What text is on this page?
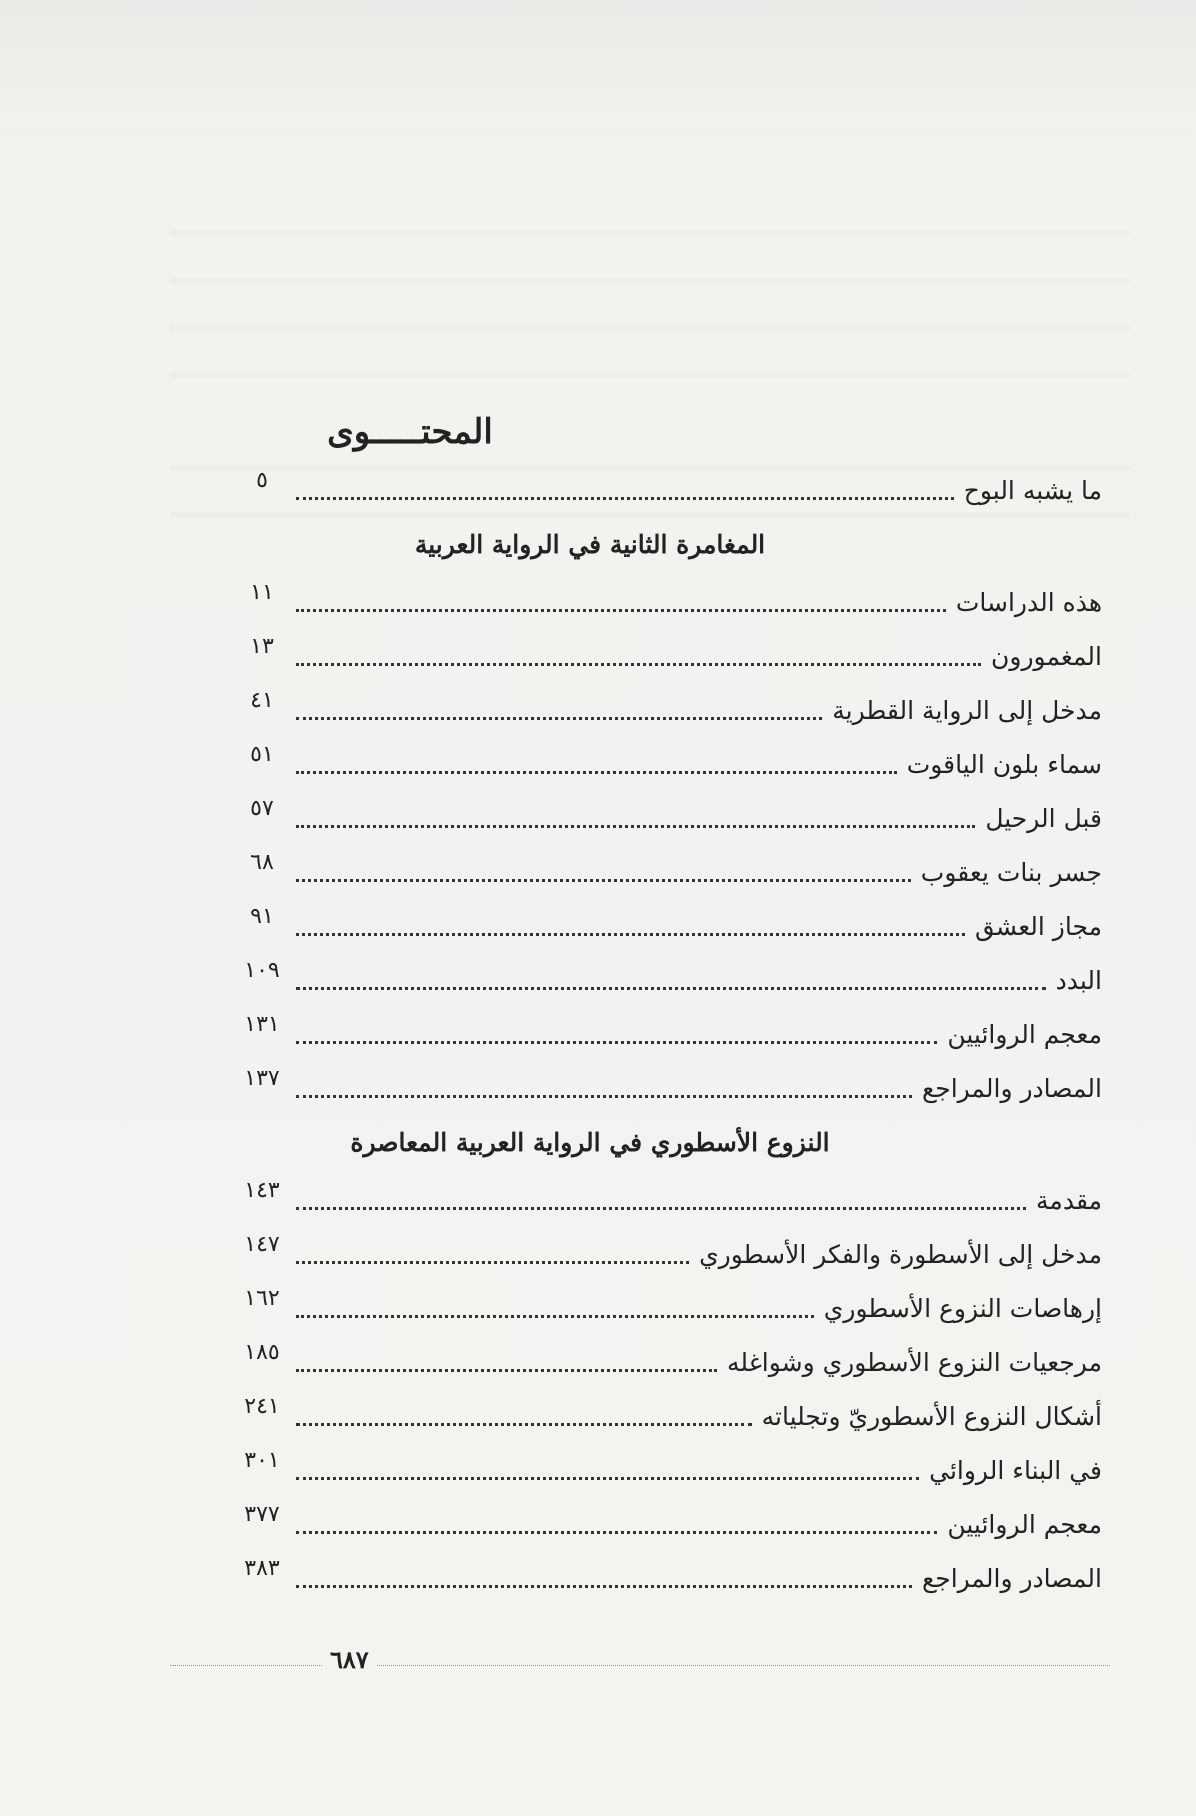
المحتـــــوى
ما يشبه البوح
٥
المغامرة الثانية في الرواية العربية
هذه الدراسات
١١
المغمورون
١٣
مدخل إلى الرواية القطرية
٤١
سماء بلون الياقوت
٥١
قبل الرحيل
٥٧
جسر بنات يعقوب
٦٨
مجاز العشق
٩١
البدد
١٠٩
معجم الروائيين
١٣١
المصادر والمراجع
١٣٧
النزوع الأسطوري في الرواية العربية المعاصرة
مقدمة
١٤٣
مدخل إلى الأسطورة والفكر الأسطوري
١٤٧
إرهاصات النزوع الأسطوري
١٦٢
مرجعيات النزوع الأسطوري وشواغله
١٨٥
أشكال النزوع الأسطوريّ وتجلياته
٢٤١
في البناء الروائي
٣٠١
معجم الروائيين
٣٧٧
المصادر والمراجع
٣٨٣
٦٨٧
